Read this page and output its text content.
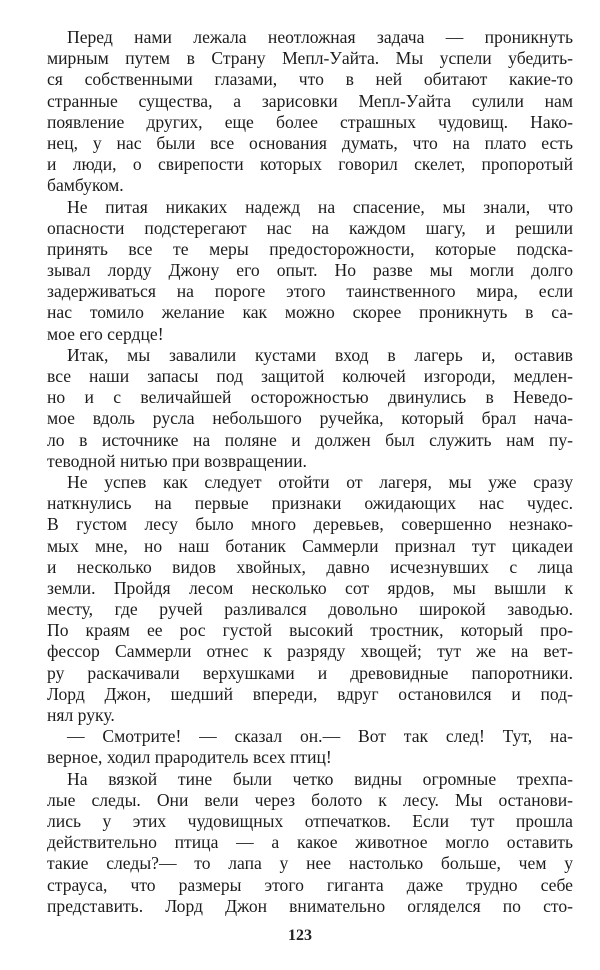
Перед нами лежала неотложная задача — проникнуть
мирным путем в Страну Мепл-Уайта. Мы успели убедить-
ся собственными глазами, что в ней обитают какие-то
странные существа, а зарисовки Мепл-Уайта сулили нам
появление других, еще более страшных чудовищ. Нако-
нец, у нас были все основания думать, что на плато есть
и люди, о свирепости которых говорил скелет, пропоротый
бамбуком.
Не питая никаких надежд на спасение, мы знали, что
опасности подстерегают нас на каждом шагу, и решили
принять все те меры предосторожности, которые подска-
зывал лорду Джону его опыт. Но разве мы могли долго
задерживаться на пороге этого таинственного мира, если
нас томило желание как можно скорее проникнуть в са-
мое его сердце!
Итак, мы завалили кустами вход в лагерь и, оставив
все наши запасы под защитой колючей изгороди, медлен-
но и с величайшей осторожностью двинулись в Неведо-
мое вдоль русла небольшого ручейка, который брал нача-
ло в источнике на поляне и должен был служить нам пу-
теводной нитью при возвращении.
Не успев как следует отойти от лагеря, мы уже сразу
наткнулись на первые признаки ожидающих нас чудес.
В густом лесу было много деревьев, совершенно незнако-
мых мне, но наш ботаник Саммерли признал тут цикадеи
и несколько видов хвойных, давно исчезнувших с лица
земли. Пройдя лесом несколько сот ярдов, мы вышли к
месту, где ручей разливался довольно широкой заводью.
По краям ее рос густой высокий тростник, который про-
фессор Саммерли отнес к разряду хвощей; тут же на вет-
ру раскачивали верхушками и древовидные папоротники.
Лорд Джон, шедший впереди, вдруг остановился и под-
нял руку.
— Смотрите! — сказал он.— Вот так след! Тут, на-
верное, ходил прародитель всех птиц!
На вязкой тине были четко видны огромные трехпа-
лые следы. Они вели через болото к лесу. Мы останови-
лись у этих чудовищных отпечатков. Если тут прошла
действительно птица — а какое животное могло оставить
такие следы?— то лапа у нее настолько больше, чем у
страуса, что размеры этого гиганта даже трудно себе
представить. Лорд Джон внимательно огляделся по сто-
123
